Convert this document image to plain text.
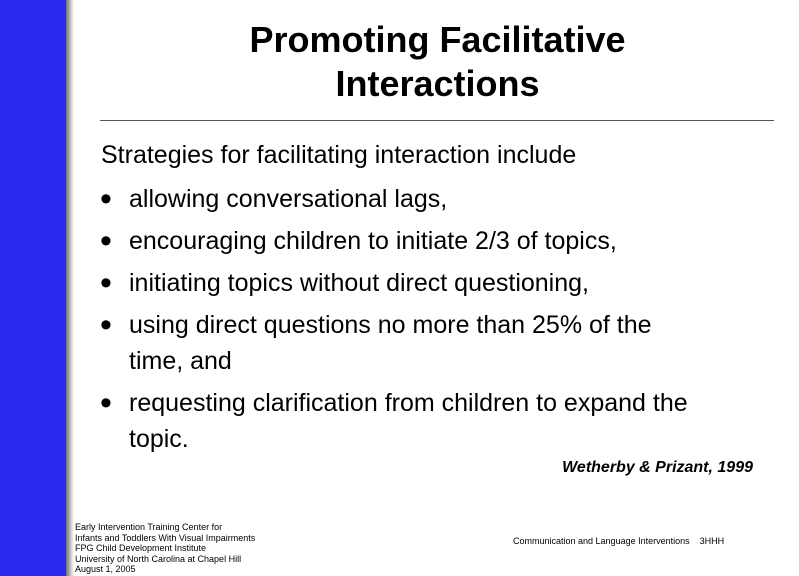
Promoting Facilitative
Interactions
Strategies for facilitating interaction include
• allowing conversational lags,
• encouraging children to initiate 2/3 of topics,
• initiating topics without direct questioning,
• using direct questions no more than 25% of the
time, and
• requesting clarification from children to expand the
topic.
Wetherby & Prizant, 1999
Early Intervention Training Center for
Infants and Toddlers With Visual Impairments
FPG Child Development Institute
University of North Carolina at Chapel Hill
August 1, 2005
Communication and Language Interventions 3HHH
